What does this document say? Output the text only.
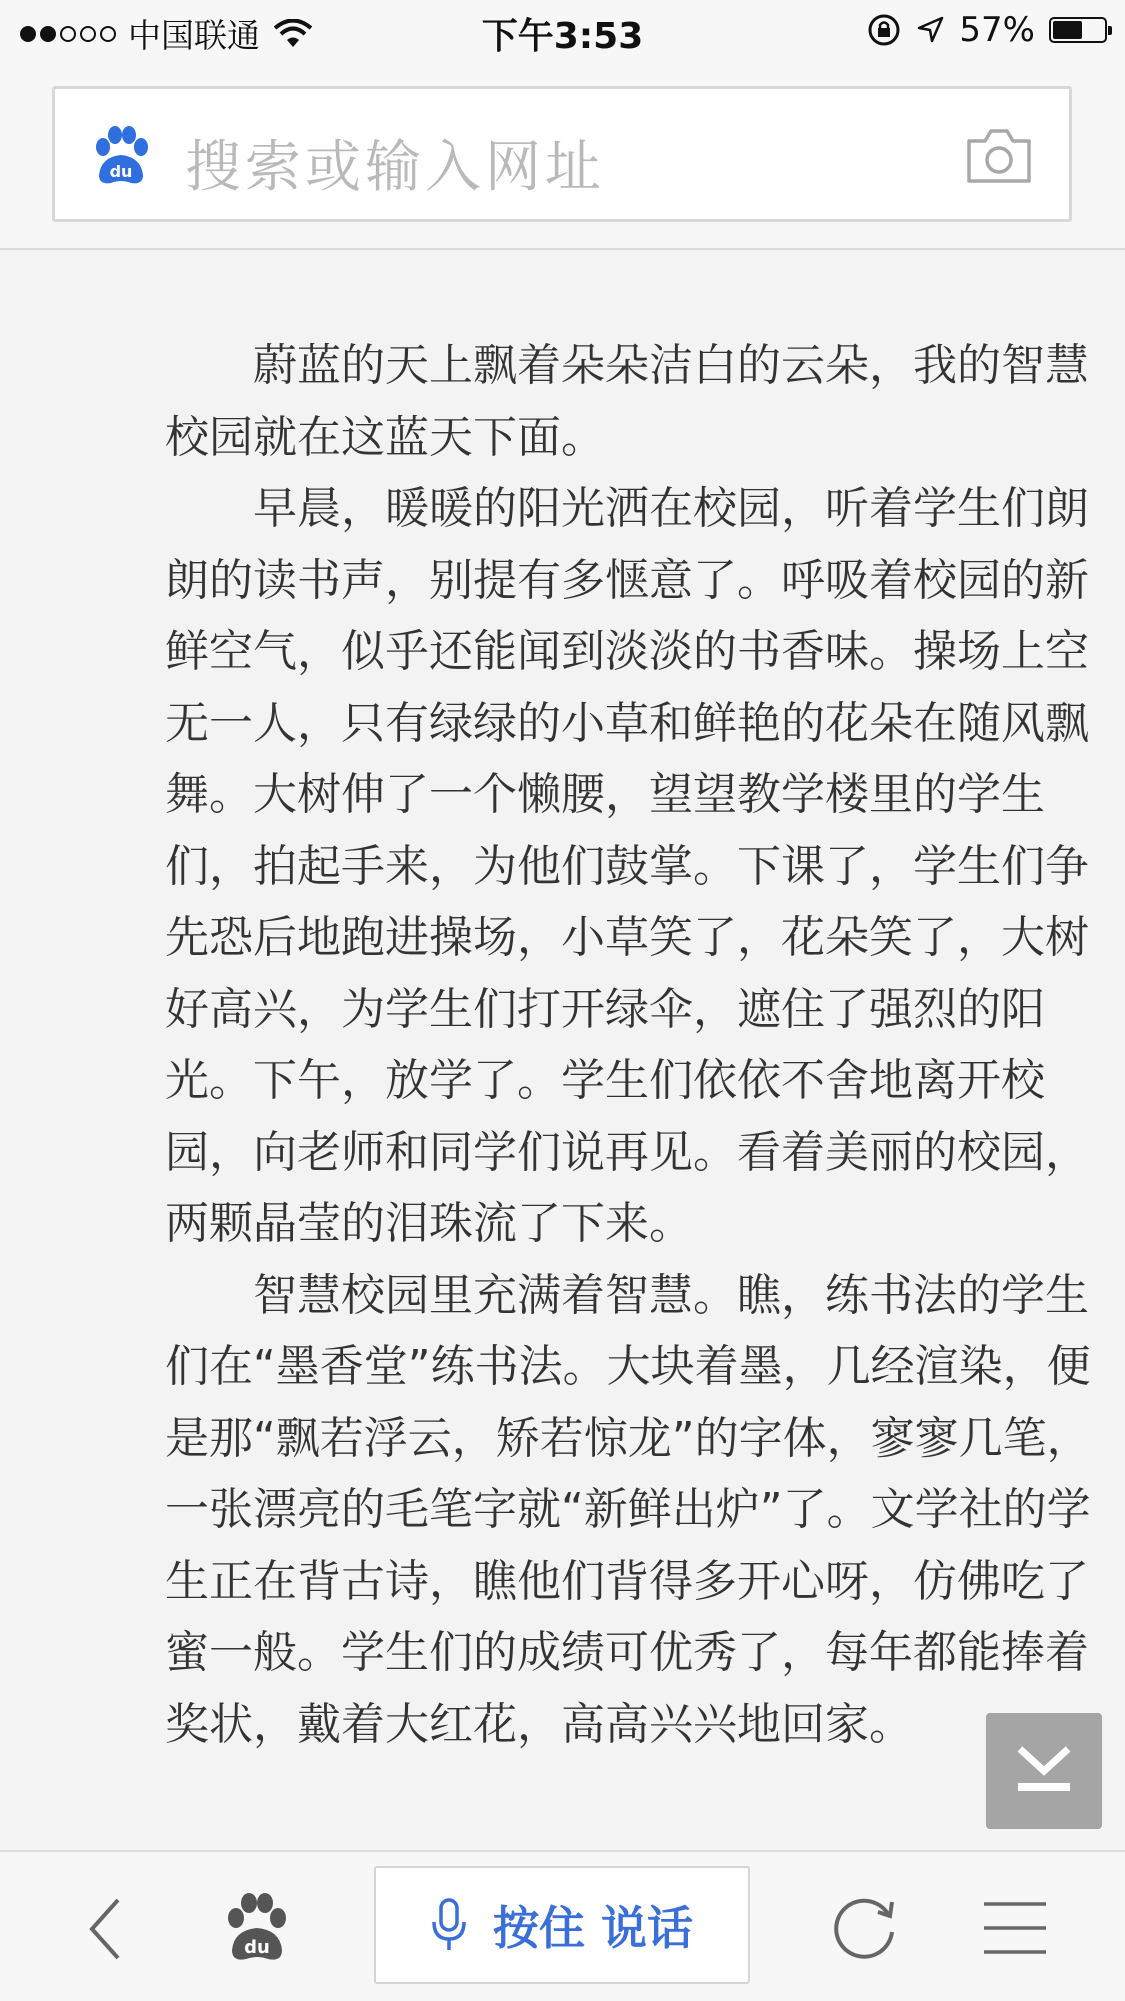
中国联通	下午3:53	57%
du 搜索或输入网址

蔚蓝的天上飘着朵朵洁白的云朵，我的智慧校园就在这蓝天下面。

早晨，暖暖的阳光洒在校园，听着学生们朗朗的读书声，别提有多惬意了。呼吸着校园的新鲜空气，似乎还能闻到淡淡的书香味。操场上空无一人，只有绿绿的小草和鲜艳的花朵在随风飘舞。大树伸了一个懒腰，望望教学楼里的学生们，拍起手来，为他们鼓掌。下课了，学生们争先恐后地跑进操场，小草笑了，花朵笑了，大树好高兴，为学生们打开绿伞，遮住了强烈的阳光。下午，放学了。学生们依依不舍地离开校园，向老师和同学们说再见。看着美丽的校园，两颗晶莹的泪珠流了下来。

智慧校园里充满着智慧。瞧，练书法的学生们在“墨香堂”练书法。大块着墨，几经渲染，便是那“飘若浮云，矫若惊龙”的字体，寥寥几笔，一张漂亮的毛笔字就“新鲜出炉”了。文学社的学生正在背古诗，瞧他们背得多开心呀，仿佛吃了蜜一般。学生们的成绩可优秀了，每年都能捧着奖状，戴着大红花，高高兴兴地回家。

du	按住 说话
